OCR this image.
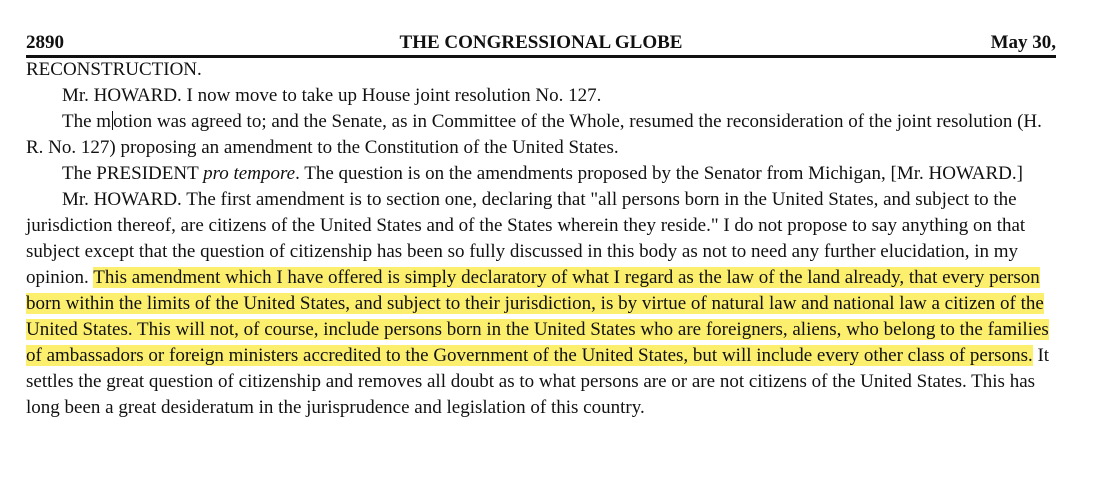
2890	THE CONGRESSIONAL GLOBE	May 30,

RECONSTRUCTION.

Mr. HOWARD. I now move to take up House joint resolution No. 127.

The m otion was agreed to; and the Senate, as in Committee of the Whole, resumed the reconsideration of the joint resolution (H. R. No. 127) proposing an amendment to the Constitution of the United States.

The PRESIDENT pro tempore. The question is on the amendments proposed by the Senator from Michigan, [Mr. HOWARD.]

Mr. HOWARD. The first amendment is to section one, declaring that "all persons born in the United States, and subject to the jurisdiction thereof, are citizens of the United States and of the States wherein they reside." I do not propose to say anything on that subject except that the question of citizenship has been so fully discussed in this body as not to need any further elucidation, in my opinion. This amendment which I have offered is simply declaratory of what I regard as the law of the land already, that every person born within the limits of the United States, and subject to their jurisdiction, is by virtue of natural law and national law a citizen of the United States. This will not, of course, include persons born in the United States who are foreigners, aliens, who belong to the families of ambassadors or foreign ministers accredited to the Government of the United States, but will include every other class of persons. It settles the great question of citizenship and removes all doubt as to what persons are or are not citizens of the United States. This has long been a great desideratum in the jurisprudence and legislation of this country.
